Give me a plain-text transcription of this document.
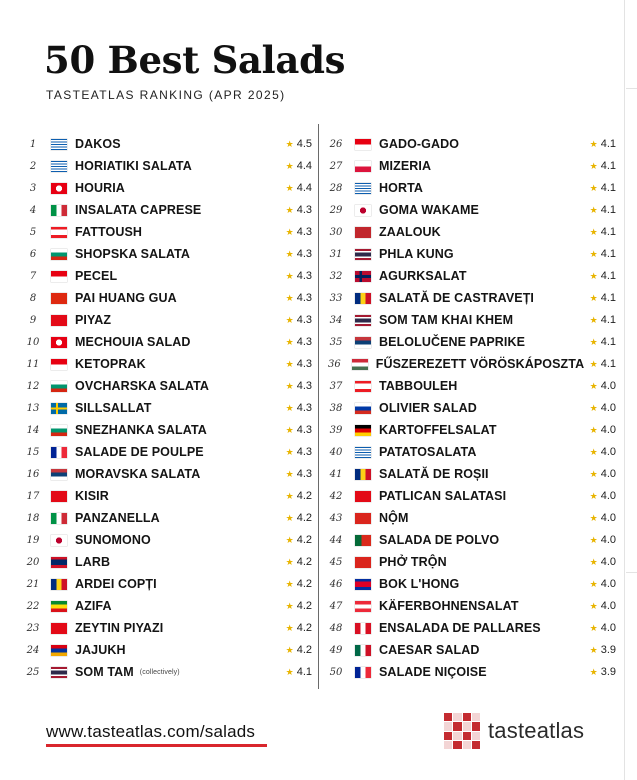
50 Best Salads
TASTEATLAS RANKING (APR 2025)
1	DAKOS	★ 4.5
2	HORIATIKI SALATA	★ 4.4
3	HOURIA	★ 4.4
4	INSALATA CAPRESE	★ 4.3
5	FATTOUSH	★ 4.3
6	SHOPSKA SALATA	★ 4.3
7	PECEL	★ 4.3
8	PAI HUANG GUA	★ 4.3
9	PIYAZ	★ 4.3
10	MECHOUIA SALAD	★ 4.3
11	KETOPRAK	★ 4.3
12	OVCHARSKA SALATA	★ 4.3
13	SILLSALLAT	★ 4.3
14	SNEZHANKA SALATA	★ 4.3
15	SALADE DE POULPE	★ 4.3
16	MORAVSKA SALATA	★ 4.3
17	KISIR	★ 4.2
18	PANZANELLA	★ 4.2
19	SUNOMONO	★ 4.2
20	LARB	★ 4.2
21	ARDEI COPȚI	★ 4.2
22	AZIFA	★ 4.2
23	ZEYTIN PIYAZI	★ 4.2
24	JAJUKH	★ 4.2
25	SOM TAM (collectively)	★ 4.1
26	GADO-GADO	★ 4.1
27	MIZERIA	★ 4.1
28	HORTA	★ 4.1
29	GOMA WAKAME	★ 4.1
30	ZAALOUK	★ 4.1
31	PHLA KUNG	★ 4.1
32	AGURKSALAT	★ 4.1
33	SALATĂ DE CASTRAVEȚI	★ 4.1
34	SOM TAM KHAI KHEM	★ 4.1
35	BELOLUČENE PAPRIKE	★ 4.1
36	FŰSZEREZETT VÖRÖSKÁPOSZTA ★ 4.1
37	TABBOULEH	★ 4.0
38	OLIVIER SALAD	★ 4.0
39	KARTOFFELSALAT	★ 4.0
40	PATATOSALATA	★ 4.0
41	SALATĂ DE ROȘII	★ 4.0
42	PATLICAN SALATASI	★ 4.0
43	NỘM	★ 4.0
44	SALADA DE POLVO	★ 4.0
45	PHỞ TRỘN	★ 4.0
46	BOK L'HONG	★ 4.0
47	KÄFERBOHNENSALAT	★ 4.0
48	ENSALADA DE PALLARES	★ 4.0
49	CAESAR SALAD	★ 3.9
50	SALADE NIÇOISE	★ 3.9
www.tasteatlas.com/salads	tasteatlas
